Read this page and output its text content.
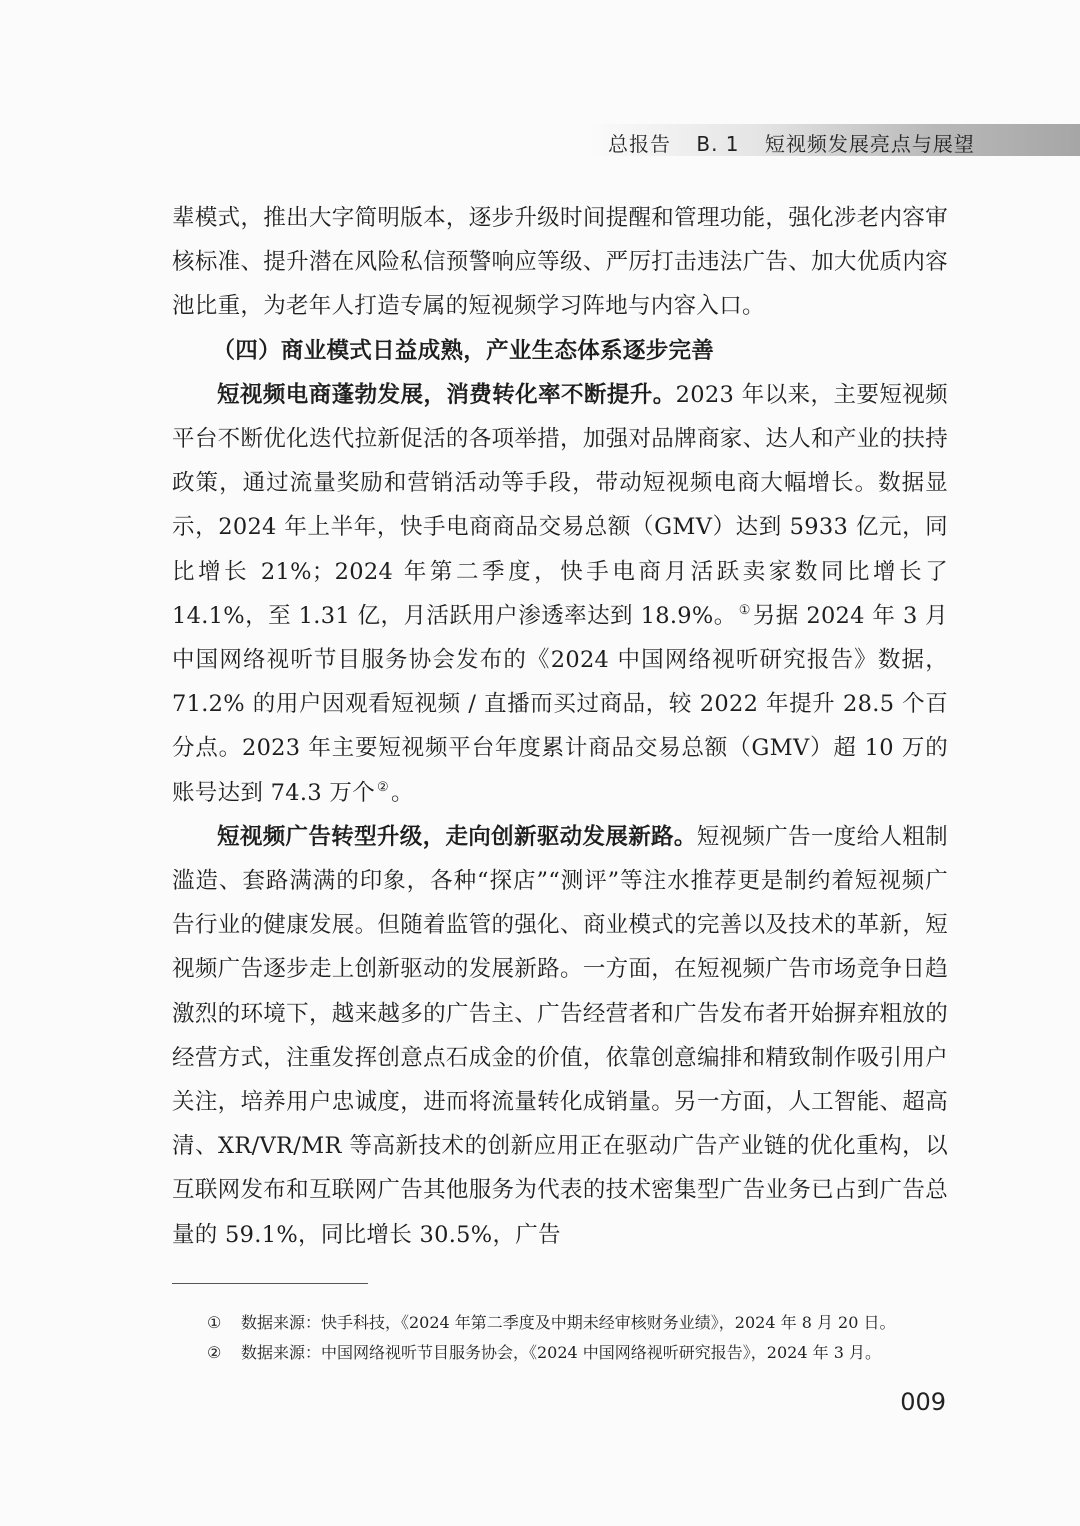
总报告 B. 1 短视频发展亮点与展望

辈模式，推出大字简明版本，逐步升级时间提醒和管理功能，强化涉老内容审核标准、提升潜在风险私信预警响应等级、严厉打击违法广告、加大优质内容池比重，为老年人打造专属的短视频学习阵地与内容入口。

（四）商业模式日益成熟，产业生态体系逐步完善

短视频电商蓬勃发展，消费转化率不断提升。2023 年以来，主要短视频平台不断优化迭代拉新促活的各项举措，加强对品牌商家、达人和产业的扶持政策，通过流量奖励和营销活动等手段，带动短视频电商大幅增长。数据显示，2024 年上半年，快手电商商品交易总额（GMV）达到 5933 亿元，同比增长 21%；2024 年第二季度，快手电商月活跃卖家数同比增长了 14.1%，至 1.31 亿，月活跃用户渗透率达到 18.9%。 ①另据 2024 年 3 月中国网络视听节目服务协会发布的《2024 中国网络视听研究报告》数据，71.2% 的用户因观看短视频 / 直播而买过商品，较 2022 年提升 28.5 个百分点。2023 年主要短视频平台年度累计商品交易总额（GMV）超 10 万的账号达到 74.3 万个 ②。

短视频广告转型升级，走向创新驱动发展新路。短视频广告一度给人粗制滥造、套路满满的印象，各种“探店”“测评”等注水推荐更是制约着短视频广告行业的健康发展。但随着监管的强化、商业模式的完善以及技术的革新，短视频广告逐步走上创新驱动的发展新路。一方面，在短视频广告市场竞争日趋激烈的环境下，越来越多的广告主、广告经营者和广告发布者开始摒弃粗放的经营方式，注重发挥创意点石成金的价值，依靠创意编排和精致制作吸引用户关注，培养用户忠诚度，进而将流量转化成销量。另一方面，人工智能、超高清、XR/VR/MR 等高新技术的创新应用正在驱动广告产业链的优化重构，以互联网发布和互联网广告其他服务为代表的技术密集型广告业务已占到广告总量的 59.1%，同比增长 30.5%，广告

① 数据来源：快手科技，《2024 年第二季度及中期未经审核财务业绩》，2024 年 8 月 20 日。
② 数据来源：中国网络视听节目服务协会，《2024 中国网络视听研究报告》，2024 年 3 月。
009
